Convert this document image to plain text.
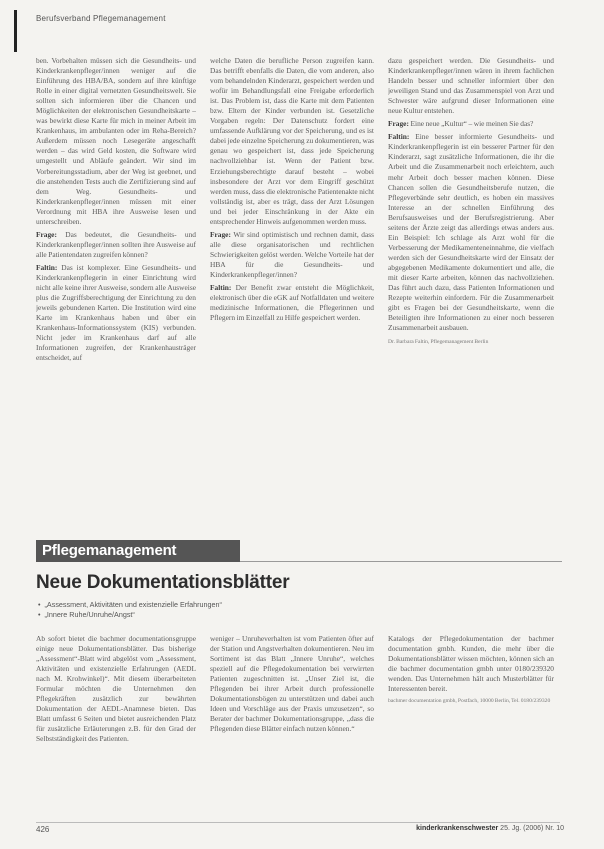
Berufsverband Pflegemanagement

ben. Vorbehalten müssen sich die Gesundheits- und Kinderkrankenpfleger/innen weniger auf die Einführung des HBA/BA, sondern auf ihre künftige Rolle in einer digital vernetzten Gesundheitswelt. Sie sollten sich informieren über die Chancen und Möglichkeiten der elektronischen Gesundheitskarte – was bewirkt diese Karte für mich in meiner Arbeit im Krankenhaus, im ambulanten oder im Reha-Bereich? Außerdem müssen noch Lesegeräte angeschafft werden – das wird Geld kosten, die Software wird umgestellt und Abläufe geändert. Wir sind im Vorbereitungsstadium, aber der Weg ist geebnet, und die anstehenden Tests auch die Zertifizierung sind auf dem Weg. Gesundheits- und Kinderkrankenpfleger/innen müssen mit einer Verordnung mit HBA ihre Ausweise lesen und unterschreiben.

Frage: Das bedeutet, die Gesundheits- und Kinderkrankenpfleger/innen sollten ihre Ausweise auf alle Patientendaten zugreifen können?

Faltin: Das ist komplexer. Eine Gesundheits- und Kinderkrankenpflegerin in einer Einrichtung wird nicht alle keine ihrer Ausweise, sondern alle Ausweise plus die Zugriffsberechtigung der Einrichtung zu den jeweils gebundenen Karten. Die Institution wird eine Karte im Krankenhaus haben und über ein Krankenhaus-Informationssystem (KIS) verbunden. Nicht jeder im Krankenhaus darf auf alle Informationen zugreifen, der Krankenhausträger entscheidet, auf

welche Daten die berufliche Person zugreifen kann. Das betrifft ebenfalls die Daten, die vom anderen, also vom behandelnden Kinderarzt, gespeichert werden und wofür im Behandlungsfall eine Freigabe erforderlich ist. Das Problem ist, dass die Karte mit dem Patienten bzw. Eltern der Kinder verbunden ist. Gesetzliche Vorgaben regeln: Der Datenschutz fordert eine umfassende Aufklärung vor der Speicherung, und es ist dabei jede einzelne Speicherung zu dokumentieren, was genau wo gespeichert ist, dass jede Speicherung nachvollziehbar ist. Wenn der Patient bzw. Erziehungsberechtigte darauf besteht – wobei insbesondere der Arzt vor dem Eingriff geschützt werden muss, dass die elektronische Patientenakte nicht vollständig ist, aber es trägt, dass der Arzt Lösungen und bei jeder Einschränkung in der Akte ein entsprechender Hinweis aufgenommen werden muss.

Frage: Wir sind optimistisch und rechnen damit, dass alle diese organisatorischen und rechtlichen Schwierigkeiten gelöst werden. Welche Vorteile hat der HBA für die Gesundheits- und Kinderkrankenpfleger/innen?

Faltin: Der Benefit zwar entsteht die Möglichkeit, elektronisch über die eGK auf Notfalldaten und weitere medizinische Informationen, die Pflegerinnen und Pflegern im Einzelfall zu Hilfe gespeichert werden.

dazu gespeichert werden. Die Gesundheits- und Kinderkrankenpfleger/innen wären in ihrem fachlichen Handeln besser und schneller informiert über den jeweiligen Stand und das Zusammenspiel von Arzt und Schwester wäre aufgrund dieser Informationen eine neue Kultur entstehen.

Frage: Eine neue „Kultur“ – wie meinen Sie das?

Faltin: Eine besser informierte Gesundheits- und Kinderkrankenpflegerin ist ein besserer Partner für den Kinderarzt, sagt zusätzliche Informationen, die ihr die Arbeit und die Zusammenarbeit noch erleichtern, auch mehr Arbeit doch besser machen können. Diese Chancen sollen die Gesundheitsberufe nutzen, die Pflegeverbände sehr deutlich, es hoben ein massives Interesse an der schnellen Einführung des Berufsausweises und der Berufsregistrierung. Aber seitens der Ärzte zeigt das allerdings etwas anders aus. Ein Beispiel: Ich schlage als Arzt wohl für die Verbesserung der Medikamenteneinnahme, die vielfach werden sich der Gesundheitskarte wird der Einsatz der abgegebenen Medikamente dokumentiert und alle, die mit dieser Karte arbeiten, können das nachvollziehen. Das führt auch dazu, dass Patienten Informationen und Rezepte weiterhin einfordern. Für die Zusammenarbeit gibt es Fragen bei der Gesundheitskarte, wenn die Beteiligten ihre Informationen zu einer noch besseren Zusammenarbeit ausbauen.

Dr. Barbara Faltin, Pflegemanagement Berlin
Pflegemanagement
Neue Dokumentationsblätter
• „Assessment, Aktivitäten und existenzielle Erfahrungen“
• „Innere Ruhe/Unruhe/Angst“

Ab sofort bietet die bachmer documentationsgruppe einige neue Dokumentationsblätter. Das bisherige „Assessment“-Blatt wird abgelöst vom „Assessment, Aktivitäten und existenzielle Erfahrungen (AEDL nach M. Krohwinkel)“. Mit diesem überarbeiteten Formular möchten die Unternehmen den Pflegekräften zusätzlich zur bewährten Dokumentation der AEDL-Anamnese bieten. Das Blatt umfasst 6 Seiten und bietet ausreichenden Platz für zusätzliche Erläuterungen z.B. für den Grad der Selbstständigkeit des Patienten.

weniger – Unruheverhalten ist vom Patienten öfter auf der Station und Angstverhalten dokumentieren. Neu im Sortiment ist das Blatt „Innere Unruhe“, welches speziell auf die Pflegedokumentation bei verwirrten Patienten zugeschnitten ist. „Unser Ziel ist, die Pflegenden bei ihrer Arbeit durch professionelle Dokumentationsbögen zu unterstützen und dabei auch Ideen und Vorschläge aus der Praxis umzusetzen“, so Berater der bachmer Dokumentationsgruppe, „dass die Pflegenden diese Blätter einfach nutzen können.“

Katalogs der Pflegedokumentation der bachmer documentation gmbh. Kunden, die mehr über die Dokumentationsblätter wissen möchten, können sich an die bachmer documentation gmbh unter 0180/239320 wenden. Das Unternehmen hält auch Musterblätter für Interessenten bereit.

bachmer documentation gmbh, Postfach, 10000 Berlin, Tel. 0180/239320
426	kinderkrankenschwester 25. Jg. (2006) Nr. 10
